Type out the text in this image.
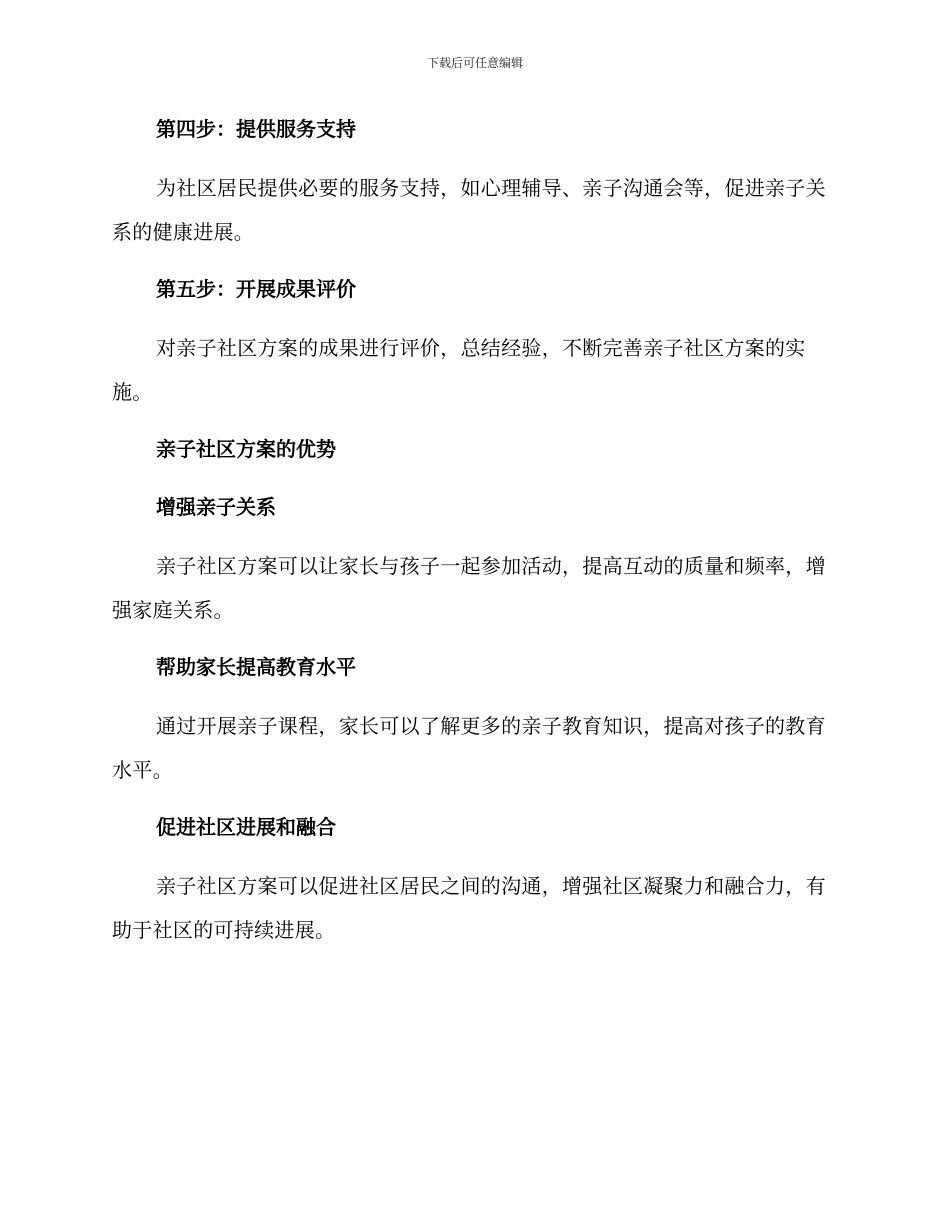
下载后可任意编辑
第四步：提供服务支持
为社区居民提供必要的服务支持，如心理辅导、亲子沟通会等，促进亲子关系的健康进展。
第五步：开展成果评价
对亲子社区方案的成果进行评价，总结经验，不断完善亲子社区方案的实施。
亲子社区方案的优势
增强亲子关系
亲子社区方案可以让家长与孩子一起参加活动，提高互动的质量和频率，增强家庭关系。
帮助家长提高教育水平
通过开展亲子课程，家长可以了解更多的亲子教育知识，提高对孩子的教育水平。
促进社区进展和融合
亲子社区方案可以促进社区居民之间的沟通，增强社区凝聚力和融合力，有助于社区的可持续进展。
